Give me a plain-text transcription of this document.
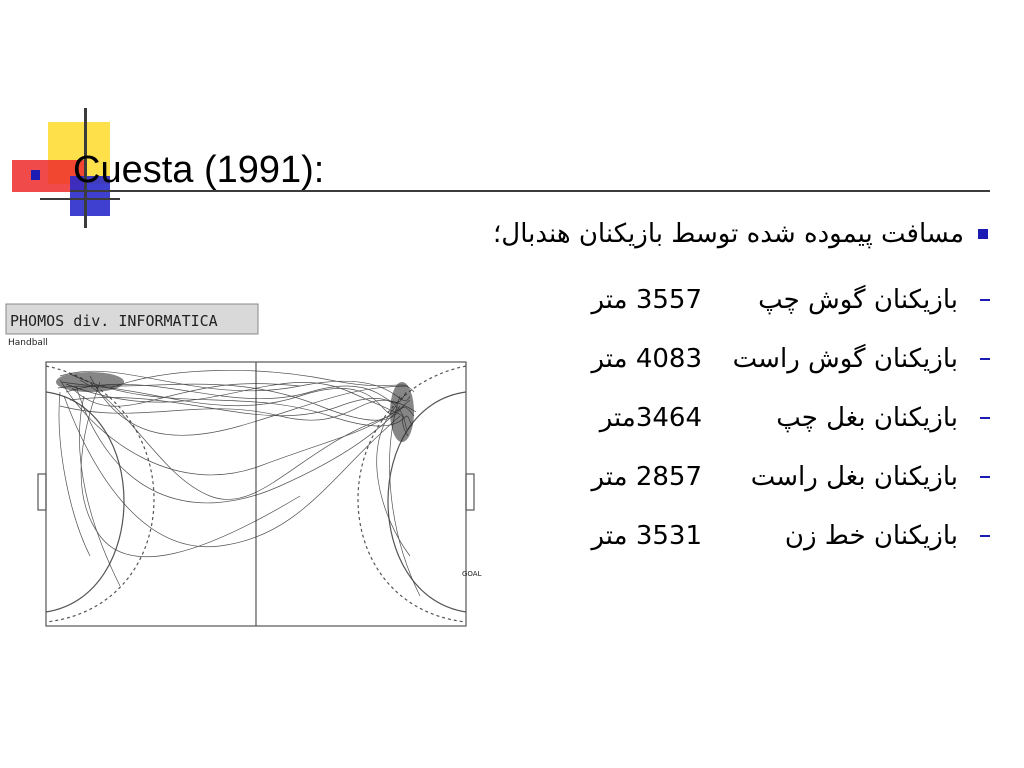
Cuesta (1991):
مسافت پیموده شده توسط بازیکنان هندبال؛
3557 متر	بازیکنان گوش چپ
4083 متر	بازیکنان گوش راست
3464متر	بازیکنان بغل چپ
2857 متر	بازیکنان بغل راست
3531 متر	بازیکنان خط زن
PHOMOS div. INFORMATICA
Handball
GOAL
